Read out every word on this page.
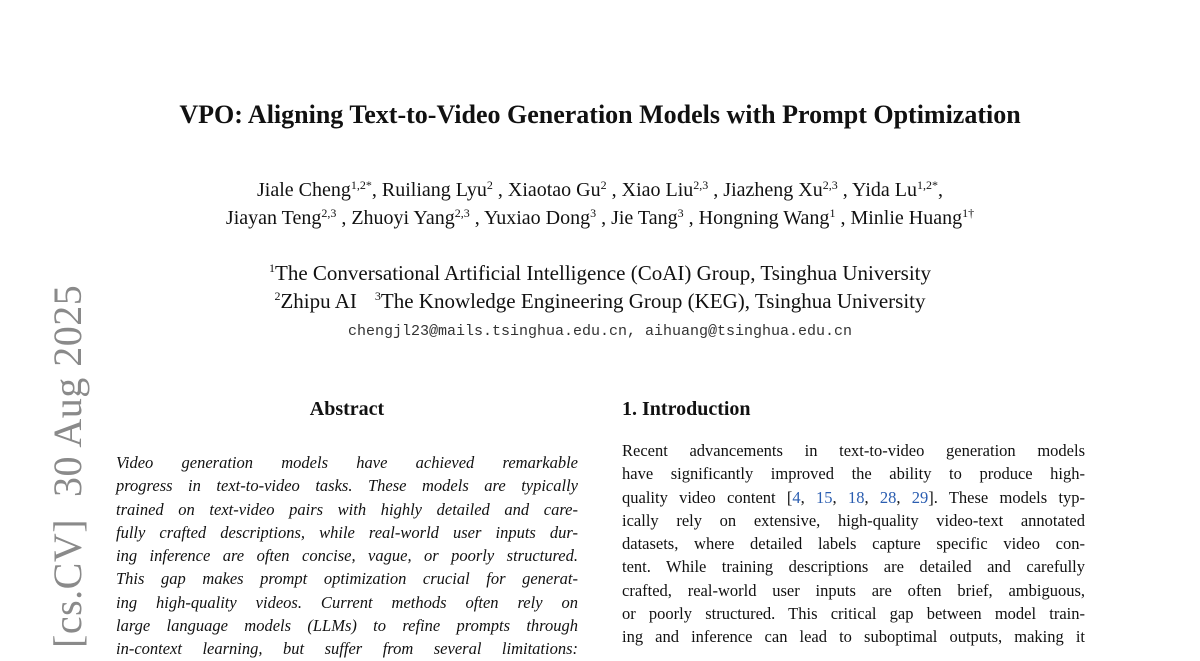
[cs.CV]30 Aug 2025
VPO: Aligning Text-to-Video Generation Models with Prompt Optimization
Jiale Cheng$^{1,2*}$, Ruiliang Lyu$^2$ , Xiaotao Gu$^2$ , Xiao Liu$^{2,3}$ , Jiazheng Xu$^{2,3}$ , Yida $Lu^{1,2*}$,
Jiayan Teng$^{2,3}$ , Zhuoyi Yang$^{2,3}$ , Yuxiao Dong$^3$ , Jie Tang$^3$ , Hongning Wang$^1$ , Minlie Huang$^{1\dagger}$
$^1$The Conversational Artificial Intelligence (CoAI) Group, Tsinghua University
$^2$Zhipu AI $^3$The Knowledge Engineering Group (KEG), Tsinghua University
chengjl23@mails.tsinghua.edu.cn, aihuang@tsinghua.edu.cn
Abstract
Video generation models have achieved remarkable
progress in text-to-video tasks. These models are typically
trained on text-video pairs with highly detailed and care-
fully crafted descriptions, while real-world user inputs dur-
ing inference are often concise, vague, or poorly structured.
This gap makes prompt optimization crucial for generat-
ing high-quality videos. Current methods often rely on
large language models (LLMs) to refine prompts through
in-context learning, but suffer from several limitations:
1. Introduction
Recent advancements in text-to-video generation models
have significantly improved the ability to produce high-
quality video content [4, 15, 18, 28, 29]. These models typ-
ically rely on extensive, high-quality video-text annotated
datasets, where detailed labels capture specific video con-
tent. While training descriptions are detailed and carefully
crafted, real-world user inputs are often brief, ambiguous,
or poorly structured. This critical gap between model train-
ing and inference can lead to suboptimal outputs, making it
